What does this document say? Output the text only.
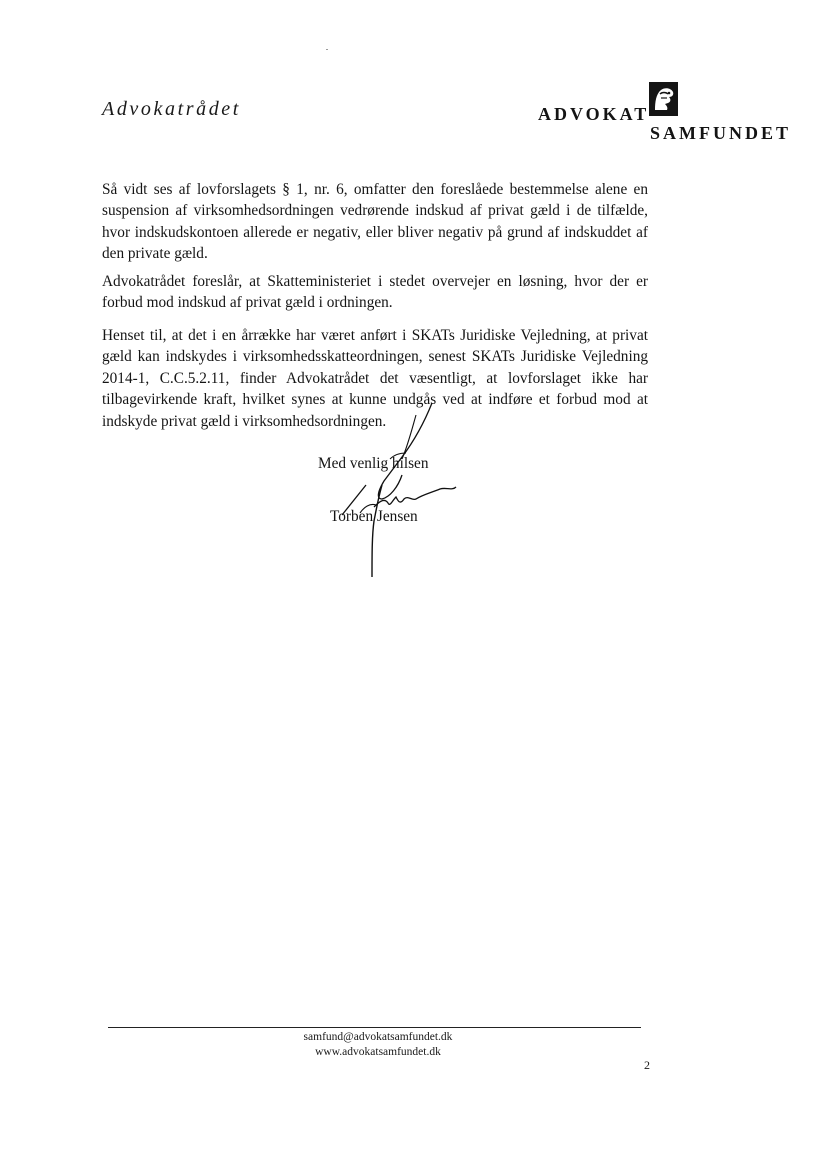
Advokatrådet	ADVOKAT
SAMFUNDET
Så vidt ses af lovforslagets § 1, nr. 6, omfatter den foreslåede bestemmelse alene en suspension af virksomhedsordningen vedrørende indskud af privat gæld i de tilfælde, hvor indskudskontoen allerede er negativ, eller bliver negativ på grund af indskuddet af den private gæld.
Advokatrådet foreslår, at Skatteministeriet i stedet overvejer en løsning, hvor der er forbud mod indskud af privat gæld i ordningen.
Henset til, at det i en årrække har været anført i SKATs Juridiske Vejledning, at privat gæld kan indskydes i virksomhedsskatteordningen, senest SKATs Juridiske Vejledning 2014-1, C.C.5.2.11, finder Advokatrådet det væsentligt, at lovforslaget ikke har tilbagevirkende kraft, hvilket synes at kunne undgås ved at indføre et forbud mod at indskyde privat gæld i virksomhedsordningen.
Med venlig hilsen
Torben Jensen
samfund@advokatsamfundet.dk
www.advokatsamfundet.dk
2
